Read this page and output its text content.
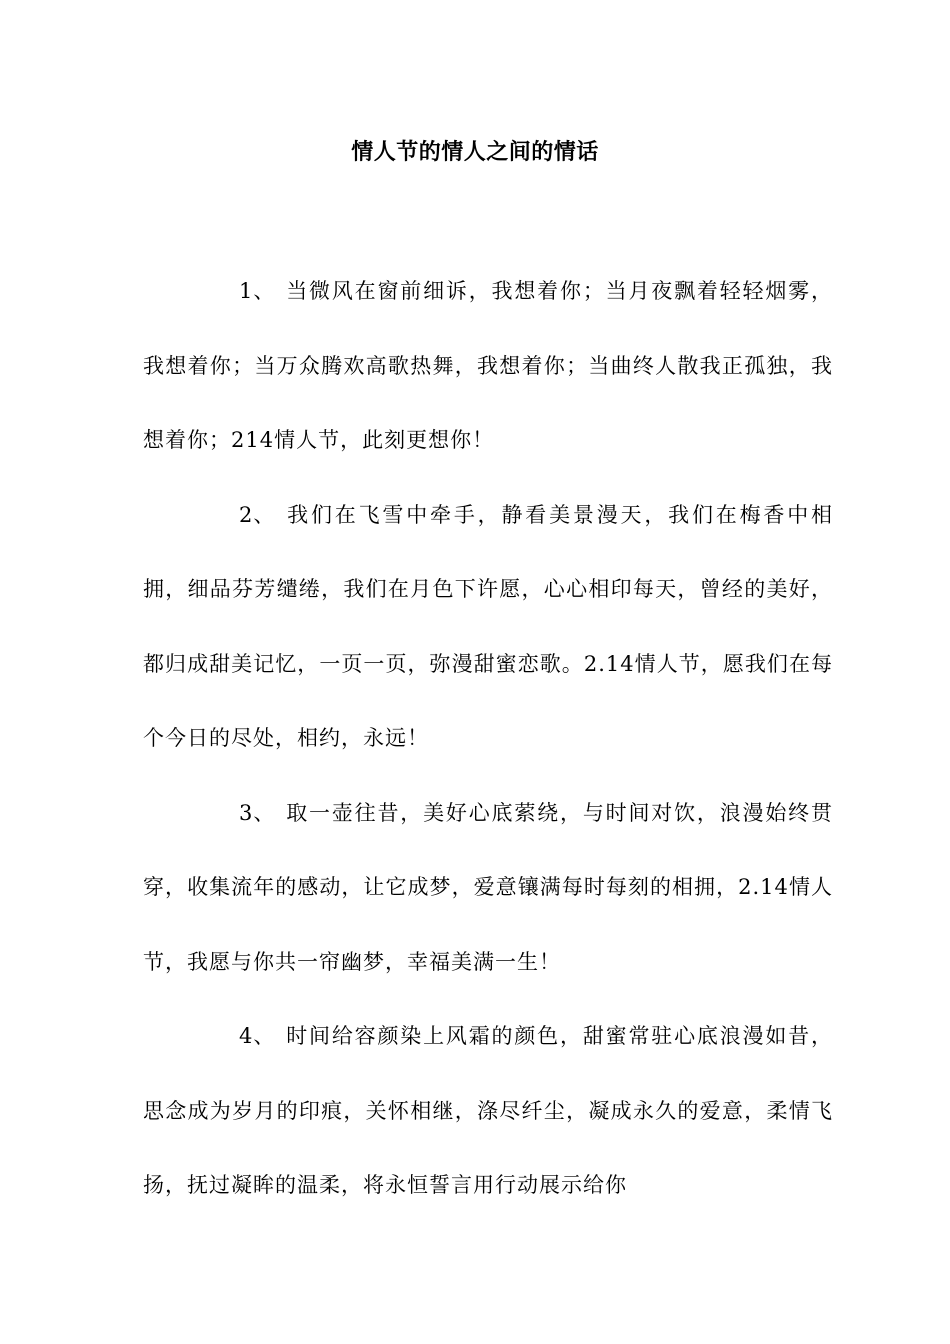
情人节的情人之间的情话

1、 当微风在窗前细诉，我想着你；当月夜飘着轻轻烟雾，我想着你；当万众腾欢高歌热舞，我想着你；当曲终人散我正孤独，我想着你；214情人节，此刻更想你！

2、 我们在飞雪中牵手，静看美景漫天，我们在梅香中相拥，细品芬芳缱绻，我们在月色下许愿，心心相印每天，曾经的美好，都归成甜美记忆，一页一页，弥漫甜蜜恋歌。2.14情人节，愿我们在每个今日的尽处，相约，永远！

3、 取一壶往昔，美好心底萦绕，与时间对饮，浪漫始终贯穿，收集流年的感动，让它成梦，爱意镶满每时每刻的相拥，2.14情人节，我愿与你共一帘幽梦，幸福美满一生！

4、 时间给容颜染上风霜的颜色，甜蜜常驻心底浪漫如昔，思念成为岁月的印痕，关怀相继，涤尽纤尘，凝成永久的爱意，柔情飞扬，抚过凝眸的温柔，将永恒誓言用行动展示给你
